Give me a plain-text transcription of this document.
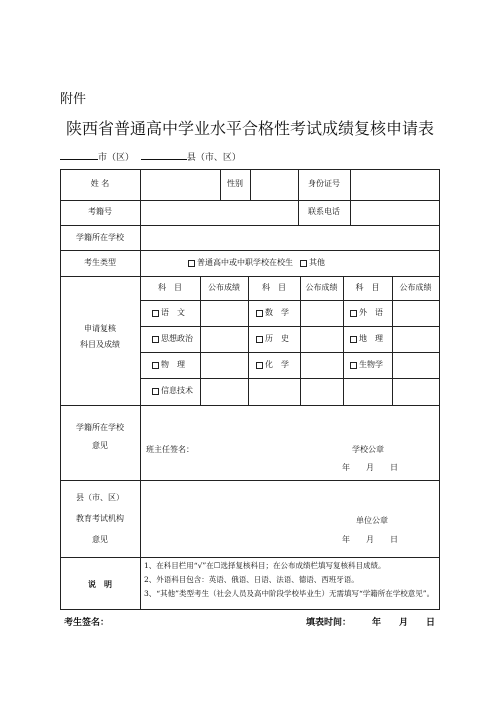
附件
陕西省普通高中学业水平合格性考试成绩复核申请表
市（区）	县（市、区）
姓 名	性别	身份证号
考籍号	联系电话
学籍所在学校
考生类型	普通高中或中职学校在校生	其他
申请复核
科目及成绩
科　目	公布成绩	科　目	公布成绩	科　目	公布成绩
语　文	数　学	外　语
思想政治	历　史	地　理
物　理	化　学	生物学
信息技术
学籍所在学校
意见	班主任签名：	学校公章
年　　月　　日
县（市、区）
教育考试机构
意见
单位公章
年　　月　　日
说　明
1、在科目栏用“√”在☐选择复核科目；在公布成绩栏填写复核科目成绩。
2、外语科目包含：英语、俄语、日语、法语、德语、西班牙语。
3、“其他”类型考生（社会人员及高中阶段学校毕业生）无需填写“学籍所在学校意见”。
考生签名：	填表时间： 年　　月　　日
